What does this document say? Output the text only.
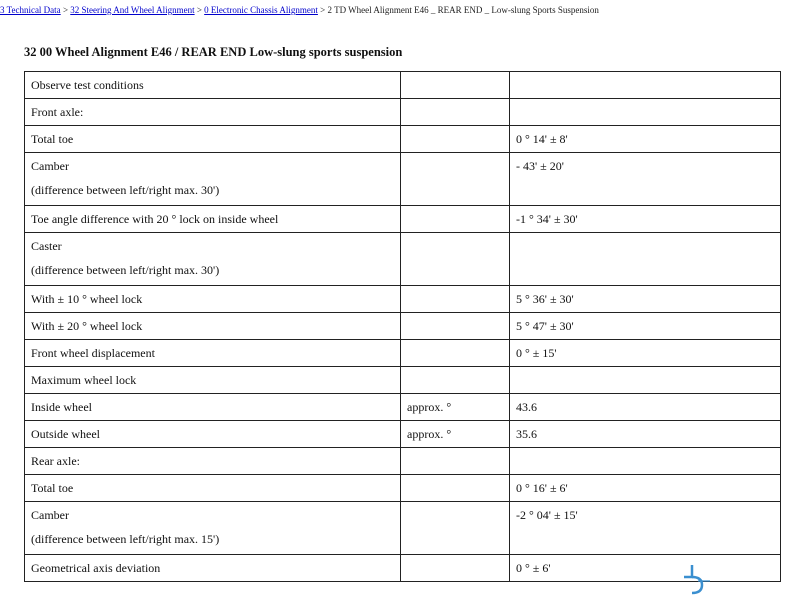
3 Technical Data > 32 Steering And Wheel Alignment > 0 Electronic Chassis Alignment > 2 TD Wheel Alignment E46 _ REAR END _ Low-slung Sports Suspension
32 00 Wheel Alignment E46 / REAR END Low-slung sports suspension
Observe test conditions		

Front axle:		

Total toe		0 ° 14' ± 8'

Camber
(difference between left/right max. 30')		- 43' ± 20'

Toe angle difference with 20 ° lock on inside wheel		-1 ° 34' ± 30'

Caster
(difference between left/right max. 30')		

With ± 10 ° wheel lock		5 ° 36' ± 30'

With ± 20 ° wheel lock		5 ° 47' ± 30'

Front wheel displacement		0 ° ± 15'

Maximum wheel lock		

Inside wheel	approx. °	43.6

Outside wheel	approx. °	35.6

Rear axle:		

Total toe		0 ° 16' ± 6'

Camber
(difference between left/right max. 15')		-2 ° 04' ± 15'

Geometrical axis deviation		0 ° ± 6'
